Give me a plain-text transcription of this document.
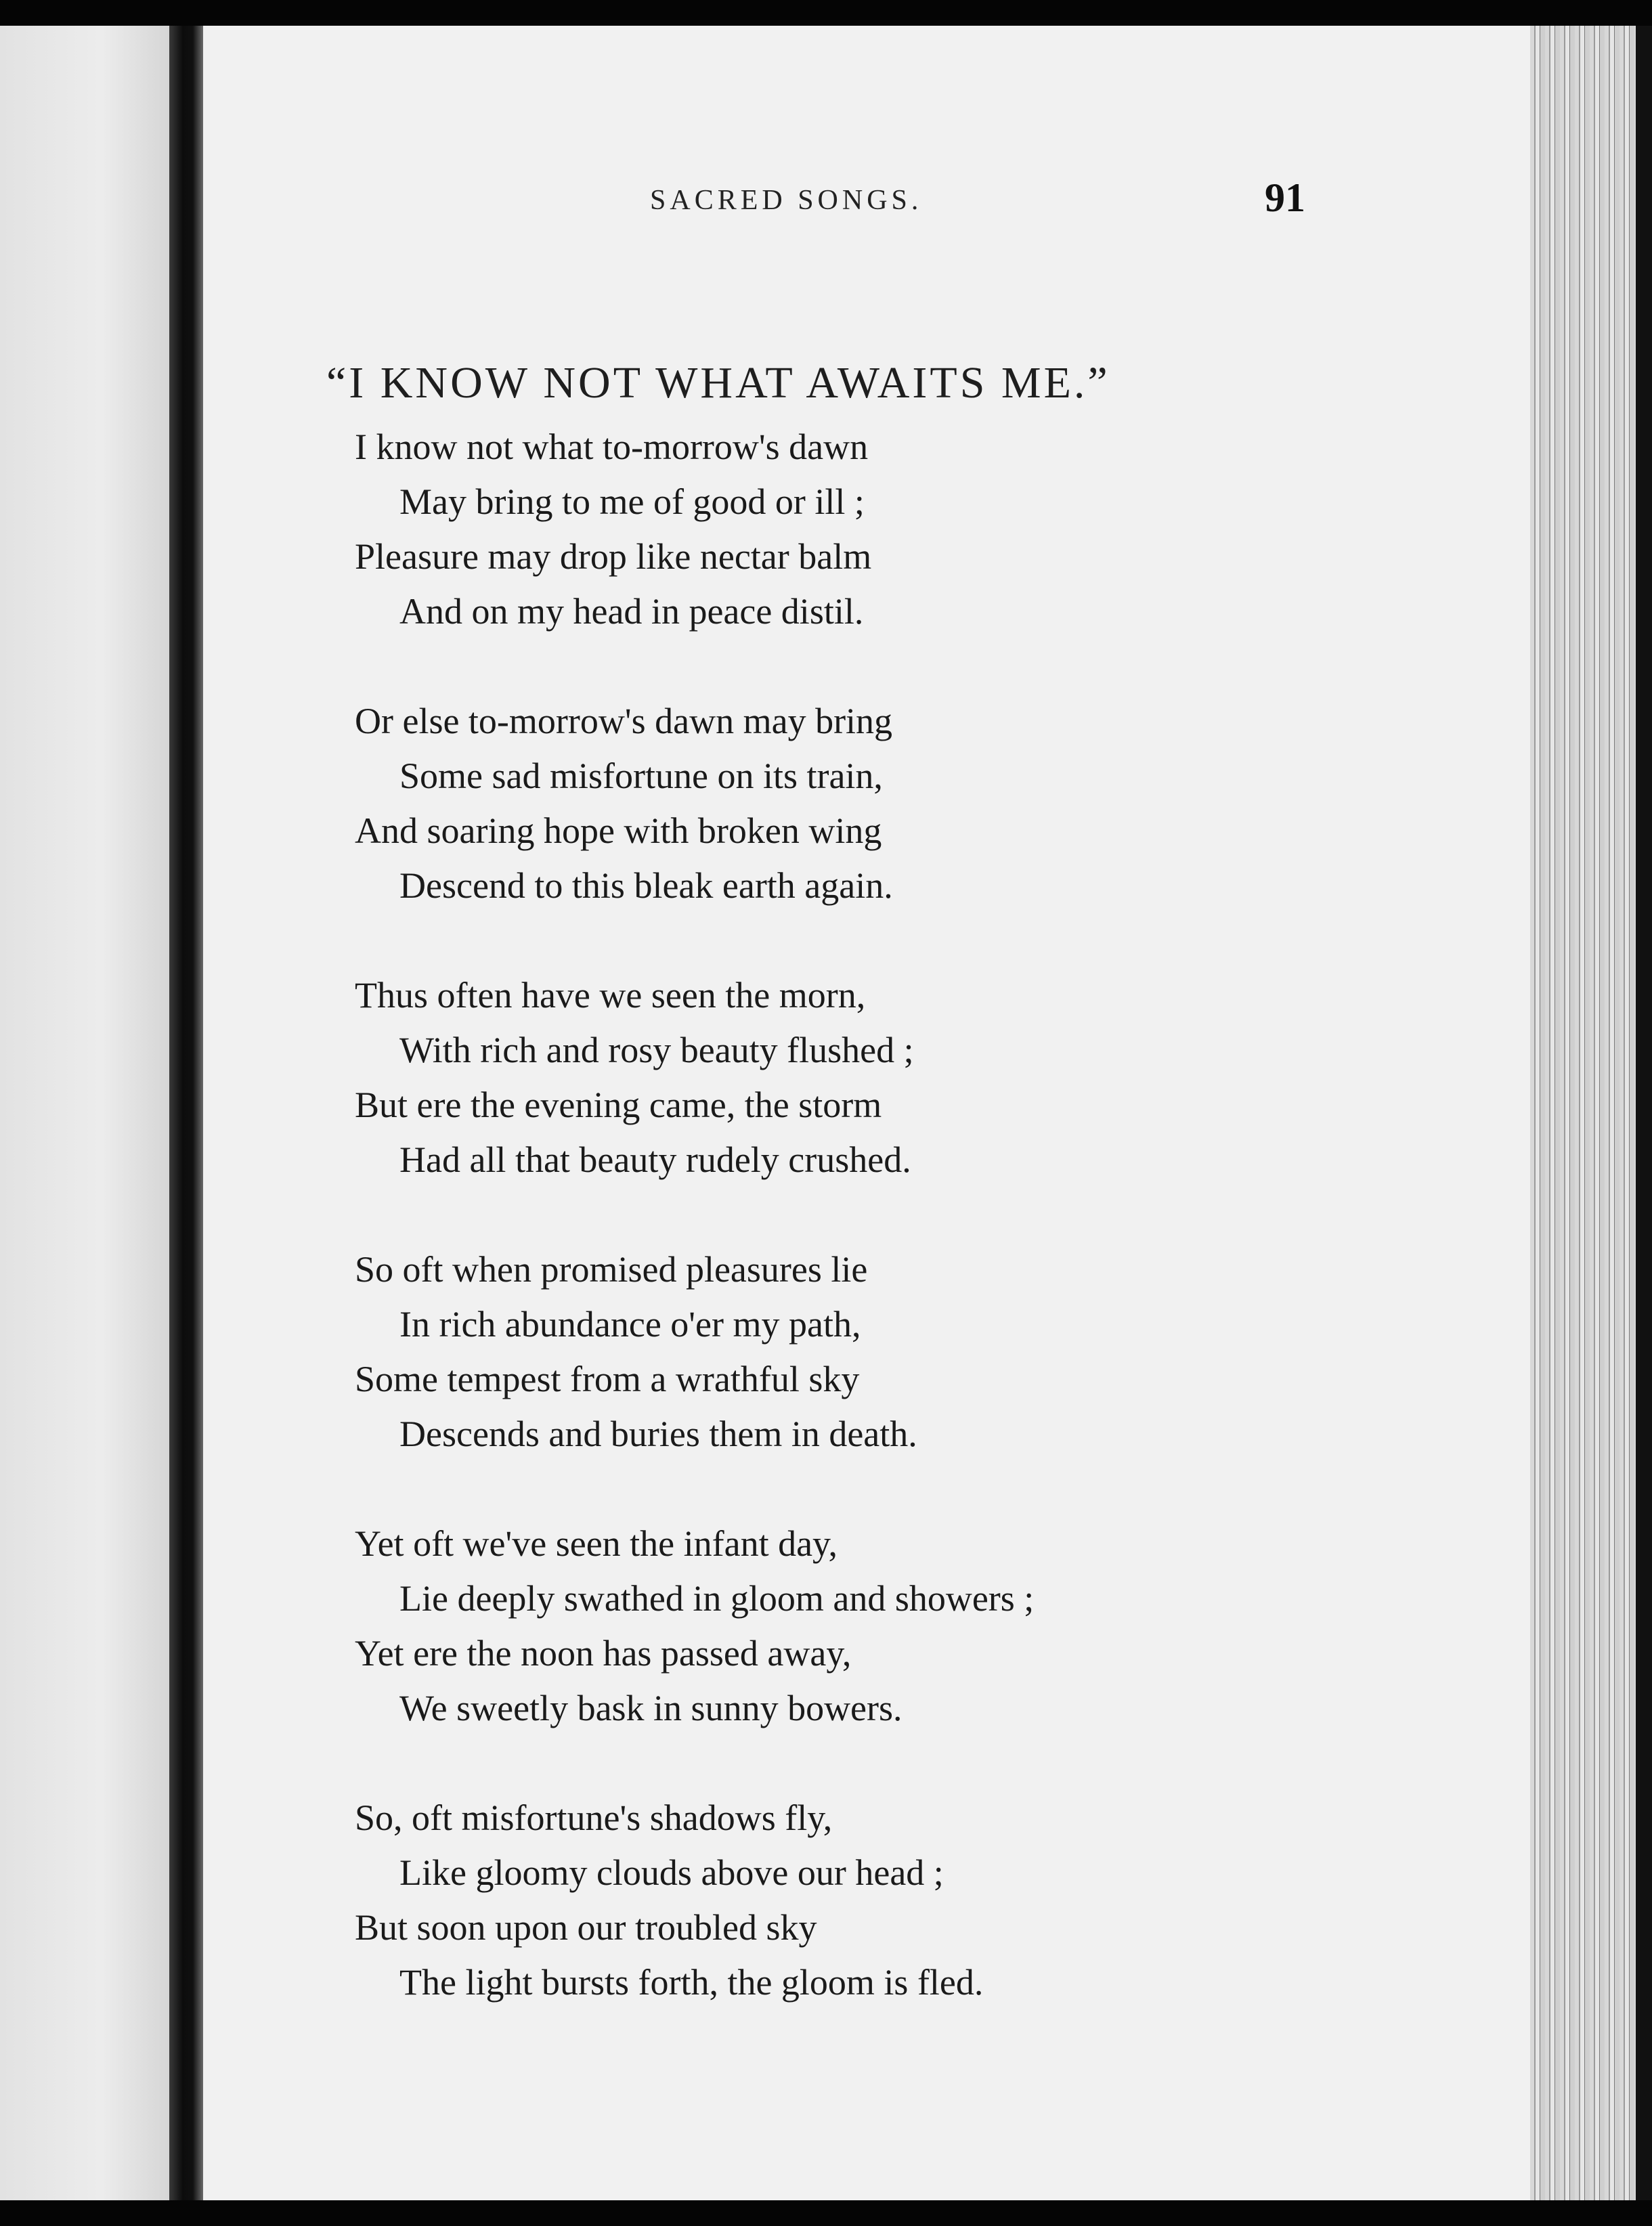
SACRED SONGS.	91
“I KNOW NOT WHAT AWAITS ME.”
I know not what to-morrow's dawn
May bring to me of good or ill ;
Pleasure may drop like nectar balm
And on my head in peace distil.
Or else to-morrow's dawn may bring
Some sad misfortune on its train,
And soaring hope with broken wing
Descend to this bleak earth again.
Thus often have we seen the morn,
With rich and rosy beauty flushed ;
But ere the evening came, the storm
Had all that beauty rudely crushed.
So oft when promised pleasures lie
In rich abundance o'er my path,
Some tempest from a wrathful sky
Descends and buries them in death.
Yet oft we've seen the infant day,
Lie deeply swathed in gloom and showers ;
Yet ere the noon has passed away,
We sweetly bask in sunny bowers.
So, oft misfortune's shadows fly,
Like gloomy clouds above our head ;
But soon upon our troubled sky
The light bursts forth, the gloom is fled.
